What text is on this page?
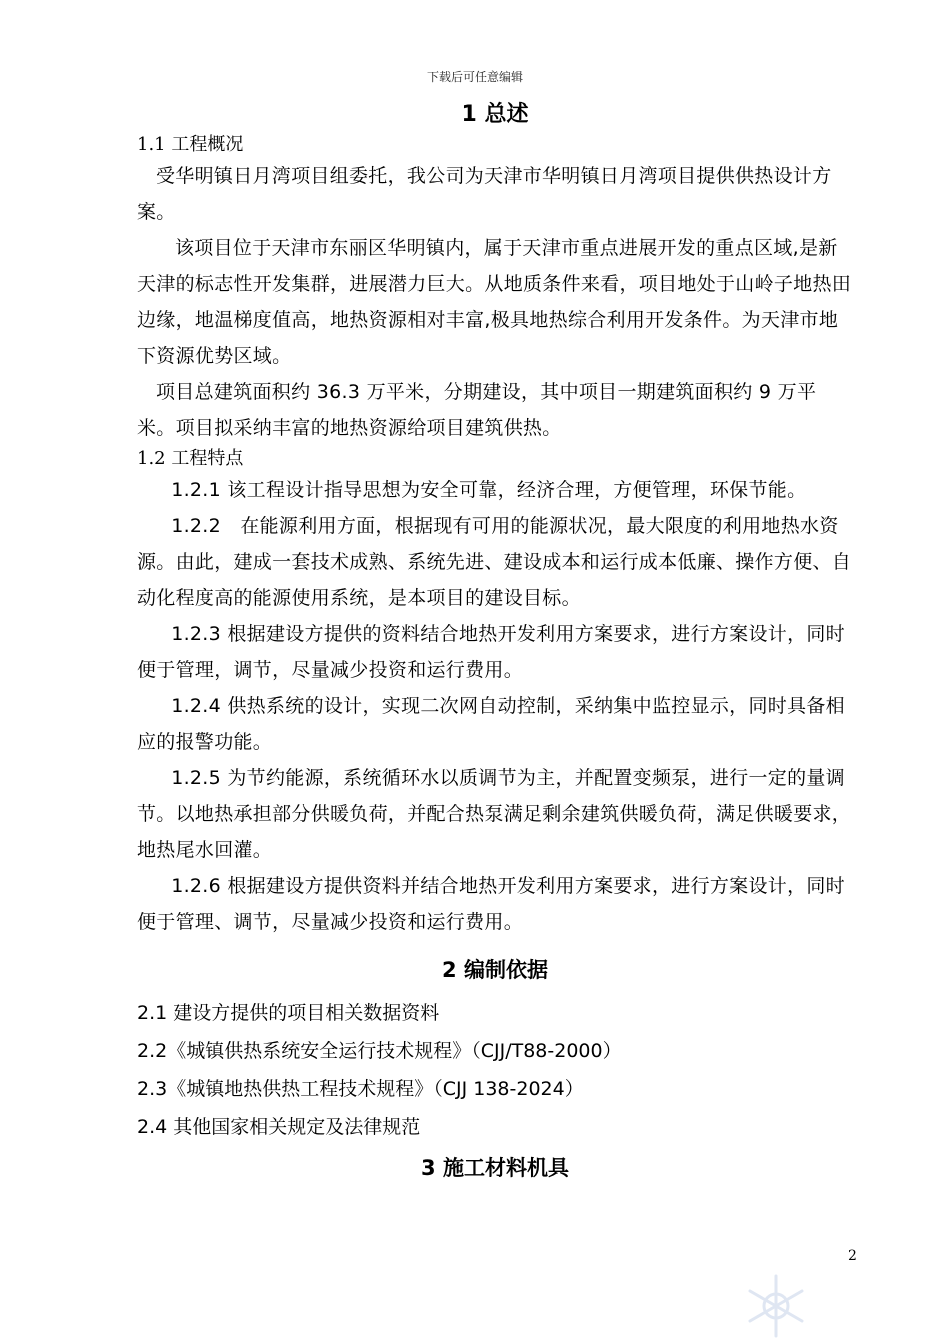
下载后可任意编辑
1 总述
1.1 工程概况

受华明镇日月湾项目组委托，我公司为天津市华明镇日月湾项目提供供热设计方案。

该项目位于天津市东丽区华明镇内，属于天津市重点进展开发的重点区域,是新天津的标志性开发集群，进展潜力巨大。从地质条件来看，项目地处于山岭子地热田边缘，地温梯度值高，地热资源相对丰富,极具地热综合利用开发条件。为天津市地下资源优势区域。

项目总建筑面积约 36.3 万平米，分期建设，其中项目一期建筑面积约 9 万平米。项目拟采纳丰富的地热资源给项目建筑供热。

1.2 工程特点

1.2.1 该工程设计指导思想为安全可靠，经济合理，方便管理，环保节能。

1.2.2　在能源利用方面，根据现有可用的能源状况，最大限度的利用地热水资源。由此，建成一套技术成熟、系统先进、建设成本和运行成本低廉、操作方便、自动化程度高的能源使用系统，是本项目的建设目标。

1.2.3 根据建设方提供的资料结合地热开发利用方案要求，进行方案设计，同时便于管理，调节，尽量减少投资和运行费用。

1.2.4 供热系统的设计，实现二次网自动控制，采纳集中监控显示，同时具备相应的报警功能。

1.2.5 为节约能源，系统循环水以质调节为主，并配置变频泵，进行一定的量调节。以地热承担部分供暖负荷，并配合热泵满足剩余建筑供暖负荷，满足供暖要求，地热尾水回灌。

1.2.6 根据建设方提供资料并结合地热开发利用方案要求，进行方案设计，同时便于管理、调节，尽量减少投资和运行费用。

2 编制依据
2.1 建设方提供的项目相关数据资料
2.2《城镇供热系统安全运行技术规程》（CJJ/T88-2000）
2.3《城镇地热供热工程技术规程》（CJJ 138-2024）
2.4 其他国家相关规定及法律规范
3 施工材料机具
2
